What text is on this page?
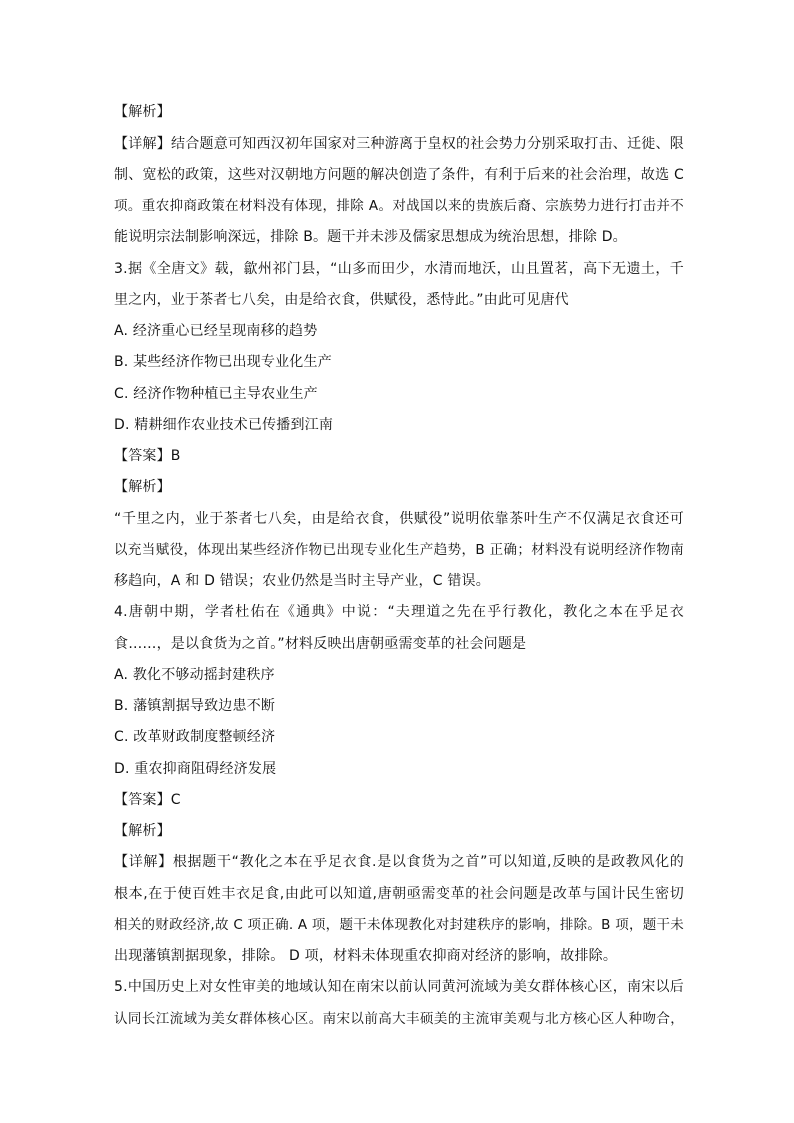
【解析】
【详解】结合题意可知西汉初年国家对三种游离于皇权的社会势力分别采取打击、迁徙、限
制、宽松的政策，这些对汉朝地方问题的解决创造了条件，有利于后来的社会治理，故选 C
项。重农抑商政策在材料没有体现，排除 A。对战国以来的贵族后裔、宗族势力进行打击并不
能说明宗法制影响深远，排除 B。题干并未涉及儒家思想成为统治思想，排除 D。
3.据《全唐文》载，歙州祁门县，“山多而田少，水清而地沃，山且置茗，高下无遗土，千
里之内，业于茶者七八矣，由是给衣食，供赋役，悉恃此。”由此可见唐代
A. 经济重心已经呈现南移的趋势
B. 某些经济作物已出现专业化生产
C. 经济作物种植已主导农业生产
D. 精耕细作农业技术已传播到江南
【答案】B
【解析】
“千里之内，业于茶者七八矣，由是给衣食，供赋役”说明依靠茶叶生产不仅满足衣食还可
以充当赋役，体现出某些经济作物已出现专业化生产趋势，B 正确；材料没有说明经济作物南
移趋向，A 和 D 错误；农业仍然是当时主导产业，C 错误。
4.唐朝中期，学者杜佑在《通典》中说：“夫理道之先在乎行教化，教化之本在乎足衣
食……，是以食货为之首。”材料反映出唐朝亟需变革的社会问题是
A. 教化不够动摇封建秩序
B. 藩镇割据导致边患不断
C. 改革财政制度整顿经济
D. 重农抑商阻碍经济发展
【答案】C
【解析】
【详解】根据题干“教化之本在乎足衣食.是以食货为之首”可以知道,反映的是政教风化的
根本,在于使百姓丰衣足食,由此可以知道,唐朝亟需变革的社会问题是改革与国计民生密切
相关的财政经济,故 C 项正确. A 项，题干未体现教化对封建秩序的影响，排除。B 项，题干未
出现藩镇割据现象，排除。 D 项，材料未体现重农抑商对经济的影响，故排除。
5.中国历史上对女性审美的地域认知在南宋以前认同黄河流域为美女群体核心区，南宋以后
认同长江流域为美女群体核心区。南宋以前高大丰硕美的主流审美观与北方核心区人种吻合，
